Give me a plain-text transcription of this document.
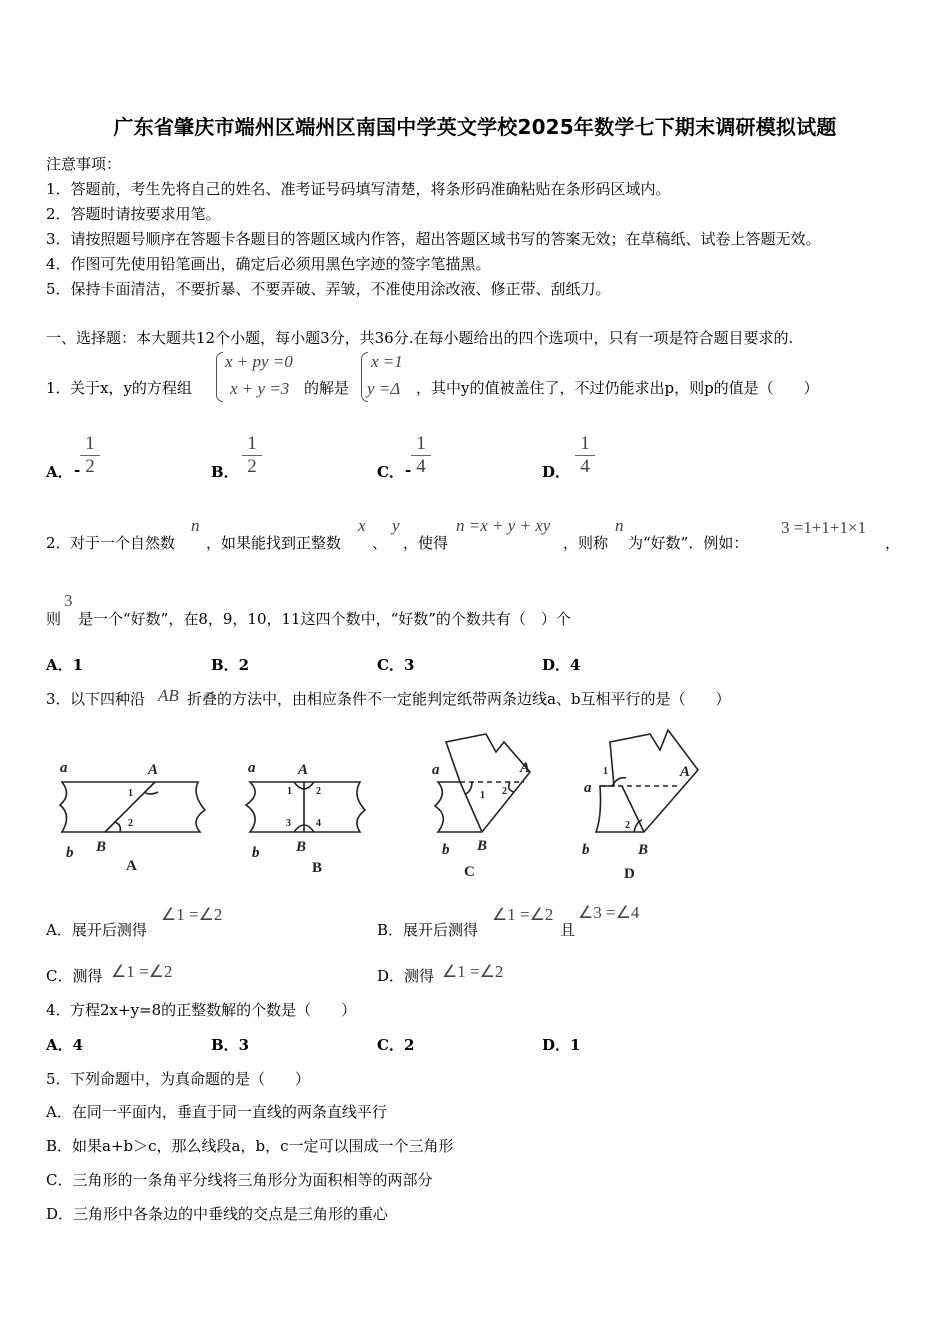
广东省肇庆市端州区端州区南国中学英文学校2025年数学七下期末调研模拟试题
注意事项：
1．答题前，考生先将自己的姓名、准考证号码填写清楚，将条形码准确粘贴在条形码区域内。
2．答题时请按要求用笔。
3．请按照题号顺序在答题卡各题目的答题区域内作答，超出答题区域书写的答案无效；在草稿纸、试卷上答题无效。
4．作图可先使用铅笔画出，确定后必须用黑色字迹的签字笔描黑。
5．保持卡面清洁，不要折暴、不要弄破、弄皱，不准使用涂改液、修正带、刮纸刀。
一、选择题：本大题共12个小题，每小题3分，共36分.在每小题给出的四个选项中，只有一项是符合题目要求的.
1． 关于x，y的方程组
x + py =0
x + y =3 的解是
x =1
y =Δ ，其中y的值被盖住了，不过仍能求出p，则p的值是（　　）
A． -
1
2	B．
1
2	C． -
1
4	D．
1
4
2． 对于一个自然数
n
，如果能找到正整数
x
、
y
，使得
n =x + y + xy
，则称
n
为“好数”．例如：
3 =1+1+1×1
，
则
3
是一个“好数”，在8，9，10，11这四个数中，“好数”的个数共有（　）个
A．1	B．2	C．3	D．4
3． 以下四种沿 AB 折叠的方法中，由相应条件不一定能判定纸带两条边线a、b互相平行的是（　　）
a
b
A
B
a
b
A
B
a
b
A
B
a
b
A
B
1
2
1 2
3	4
1 2
1
2
A	B	C	D
A．展开后测得
∠1 =∠2
B．展开后测得
∠1 =∠2
且
∠3 =∠4
C．测得 ∠1 =∠2	D．测得 ∠1 =∠2
4． 方程2x+y=8的正整数解的个数是（　　）
A．4	B．3	C．2	D．1
5． 下列命题中，为真命题的是（　　）
A．在同一平面内，垂直于同一直线的两条直线平行
B．如果a+b＞c，那么线段a，b，c一定可以围成一个三角形
C．三角形的一条角平分线将三角形分为面积相等的两部分
D．三角形中各条边的中垂线的交点是三角形的重心
